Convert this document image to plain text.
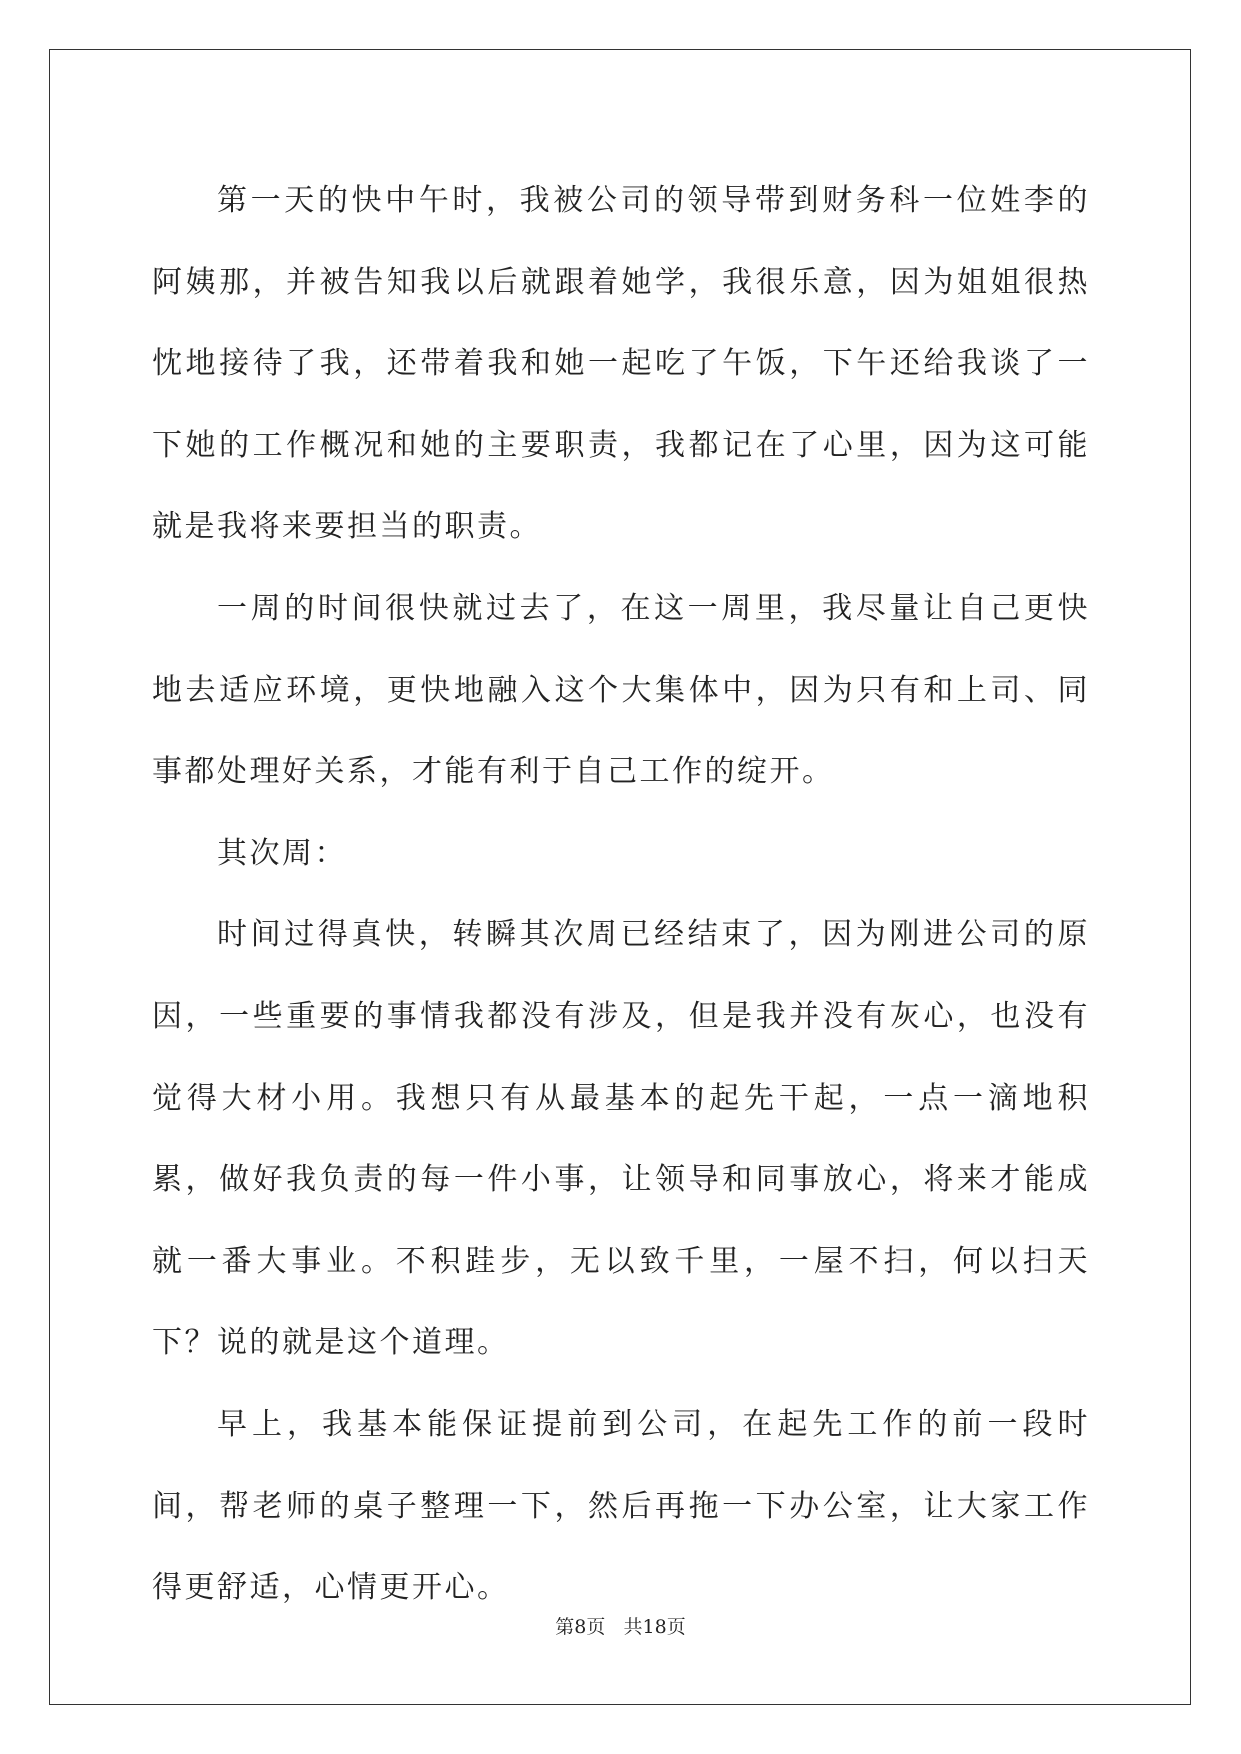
第一天的快中午时，我被公司的领导带到财务科一位姓李的阿姨那，并被告知我以后就跟着她学，我很乐意，因为姐姐很热忱地接待了我，还带着我和她一起吃了午饭，下午还给我谈了一下她的工作概况和她的主要职责，我都记在了心里，因为这可能就是我将来要担当的职责。

一周的时间很快就过去了，在这一周里，我尽量让自己更快地去适应环境，更快地融入这个大集体中，因为只有和上司、同事都处理好关系，才能有利于自己工作的绽开。

其次周：

时间过得真快，转瞬其次周已经结束了，因为刚进公司的原因，一些重要的事情我都没有涉及，但是我并没有灰心，也没有觉得大材小用。我想只有从最基本的起先干起，一点一滴地积累，做好我负责的每一件小事，让领导和同事放心，将来才能成就一番大事业。不积跬步，无以致千里，一屋不扫，何以扫天下？说的就是这个道理。

早上，我基本能保证提前到公司，在起先工作的前一段时间，帮老师的桌子整理一下，然后再拖一下办公室，让大家工作得更舒适，心情更开心。

第8页 共18页
